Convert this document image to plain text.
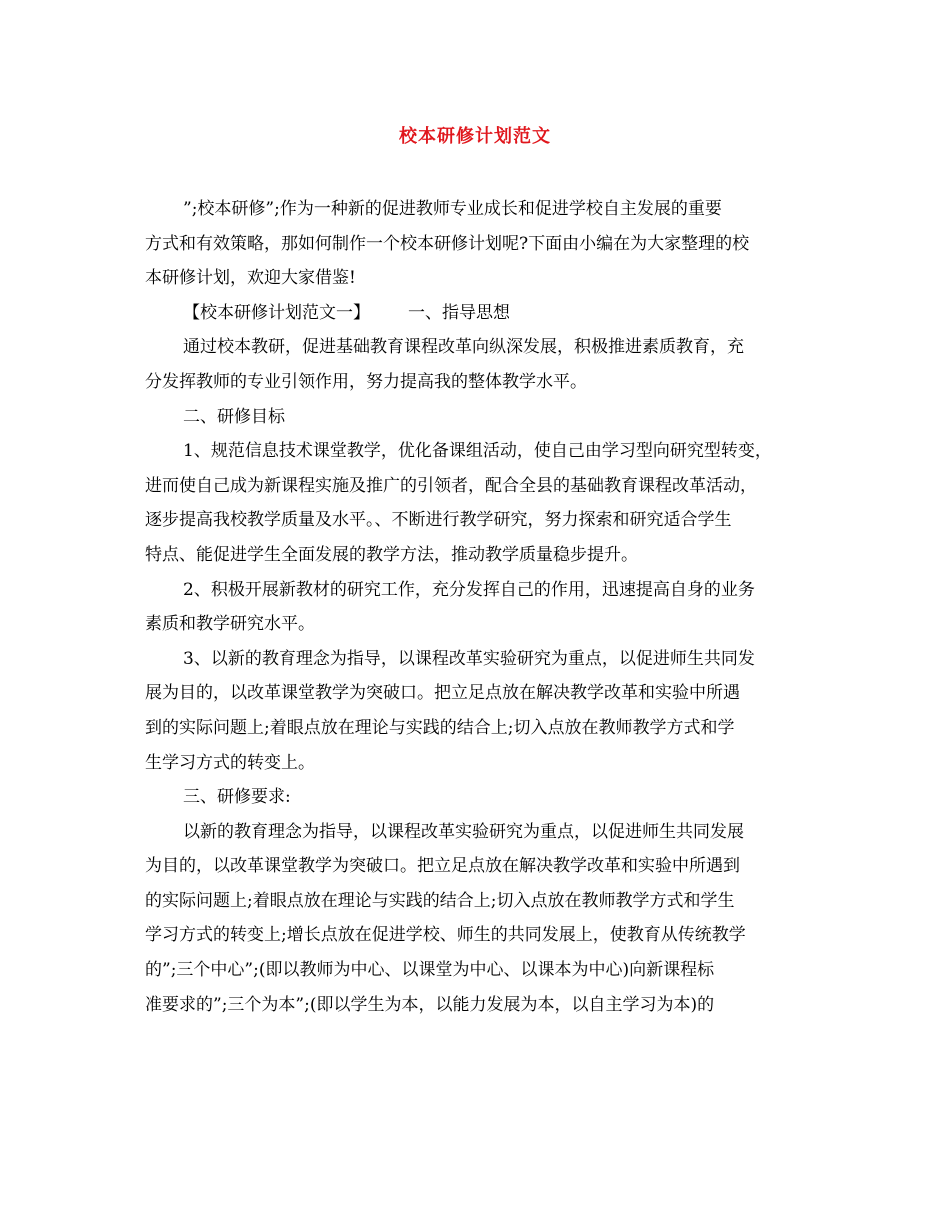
校本研修计划范文
”;校本研修”;作为一种新的促进教师专业成长和促进学校自主发展的重要
方式和有效策略，那如何制作一个校本研修计划呢?下面由小编在为大家整理的校
本研修计划，欢迎大家借鉴!
【校本研修计划范文一】 一、指导思想
通过校本教研，促进基础教育课程改革向纵深发展，积极推进素质教育，充
分发挥教师的专业引领作用，努力提高我的整体教学水平。
二、研修目标
1、规范信息技术课堂教学，优化备课组活动，使自己由学习型向研究型转变，
进而使自己成为新课程实施及推广的引领者，配合全县的基础教育课程改革活动，
逐步提高我校教学质量及水平。、不断进行教学研究，努力探索和研究适合学生
特点、能促进学生全面发展的教学方法，推动教学质量稳步提升。
2、积极开展新教材的研究工作，充分发挥自己的作用，迅速提高自身的业务
素质和教学研究水平。
3、以新的教育理念为指导，以课程改革实验研究为重点，以促进师生共同发
展为目的，以改革课堂教学为突破口。把立足点放在解决教学改革和实验中所遇
到的实际问题上;着眼点放在理论与实践的结合上;切入点放在教师教学方式和学
生学习方式的转变上。
三、研修要求:
以新的教育理念为指导，以课程改革实验研究为重点，以促进师生共同发展
为目的，以改革课堂教学为突破口。把立足点放在解决教学改革和实验中所遇到
的实际问题上;着眼点放在理论与实践的结合上;切入点放在教师教学方式和学生
学习方式的转变上;增长点放在促进学校、师生的共同发展上，使教育从传统教学
的”;三个中心”;(即以教师为中心、以课堂为中心、以课本为中心)向新课程标
准要求的”;三个为本”;(即以学生为本，以能力发展为本，以自主学习为本)的
